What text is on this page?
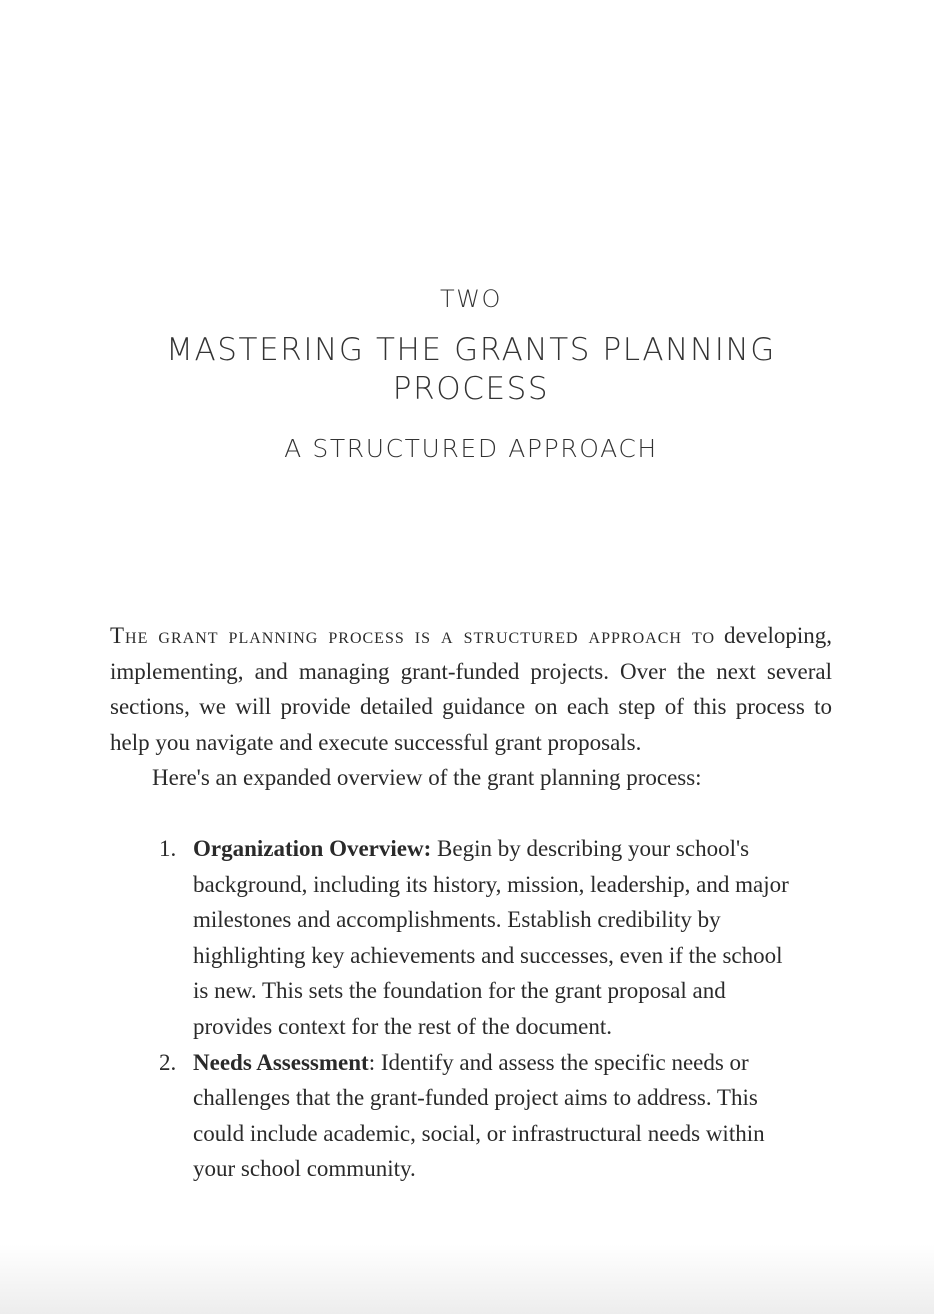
TWO
MASTERING THE GRANTS PLANNING PROCESS
A STRUCTURED APPROACH

The grant planning process is a structured approach to developing, implementing, and managing grant-funded projects. Over the next several sections, we will provide detailed guidance on each step of this process to help you navigate and execute successful grant proposals.

Here's an expanded overview of the grant planning process:

1. Organization Overview: Begin by describing your school's background, including its history, mission, leadership, and major milestones and accomplishments. Establish credibility by highlighting key achievements and successes, even if the school is new. This sets the foundation for the grant proposal and provides context for the rest of the document.
2. Needs Assessment: Identify and assess the specific needs or challenges that the grant-funded project aims to address. This could include academic, social, or infrastructural needs within your school community.
